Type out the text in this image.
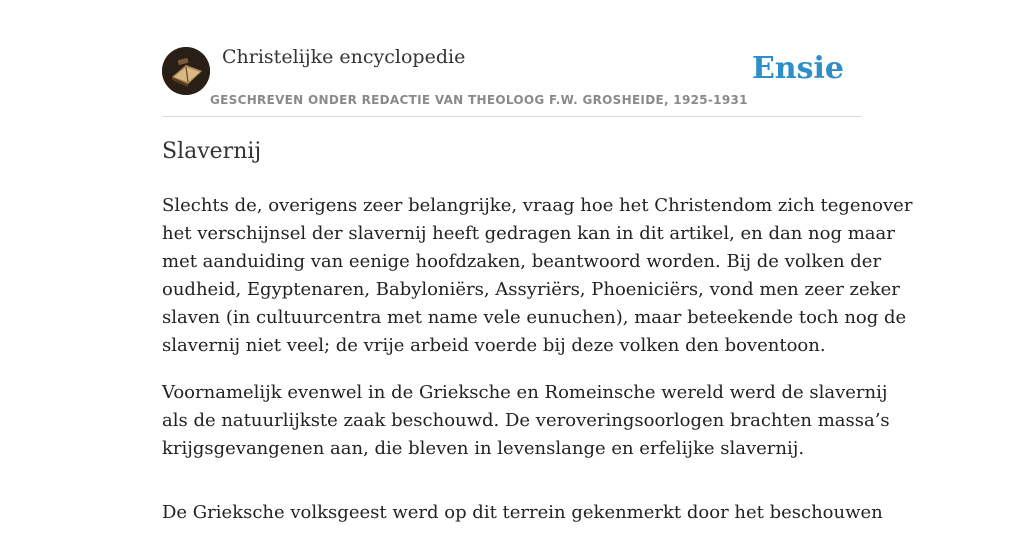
Christelijke encyclopedie
GESCHREVEN ONDER REDACTIE VAN THEOLOOG F.W. GROSHEIDE, 1925-1931
Ensie
Slavernij

Slechts de, overigens zeer belangrijke, vraag hoe het Christendom zich tegenover
het verschijnsel der slavernij heeft gedragen kan in dit artikel, en dan nog maar
met aanduiding van eenige hoofdzaken, beantwoord worden. Bij de volken der
oudheid, Egyptenaren, Babyloniërs, Assyriërs, Phoeniciërs, vond men zeer zeker
slaven (in cultuurcentra met name vele eunuchen), maar beteekende toch nog de
slavernij niet veel; de vrije arbeid voerde bij deze volken den boventoon.

Voornamelijk evenwel in de Grieksche en Romeinsche wereld werd de slavernij
als de natuurlijkste zaak beschouwd. De veroveringsoorlogen brachten massa’s
krijgsgevangenen aan, die bleven in levenslange en erfelijke slavernij.

De Grieksche volksgeest werd op dit terrein gekenmerkt door het beschouwen
